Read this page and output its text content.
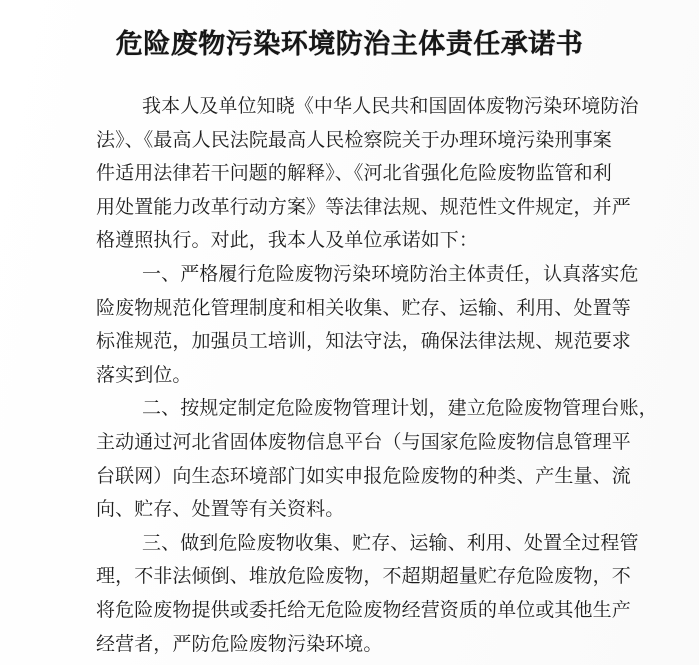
危险废物污染环境防治主体责任承诺书

我本人及单位知晓《中华人民共和国固体废物污染环境防治
法》、《最高人民法院最高人民检察院关于办理环境污染刑事案
件适用法律若干问题的解释》、《河北省强化危险废物监管和利
用处置能力改革行动方案》等法律法规、规范性文件规定，并严
格遵照执行。对此，我本人及单位承诺如下：

一、严格履行危险废物污染环境防治主体责任，认真落实危
险废物规范化管理制度和相关收集、贮存、运输、利用、处置等
标准规范，加强员工培训，知法守法，确保法律法规、规范要求
落实到位。

二、按规定制定危险废物管理计划，建立危险废物管理台账，
主动通过河北省固体废物信息平台（与国家危险废物信息管理平
台联网）向生态环境部门如实申报危险废物的种类、产生量、流
向、贮存、处置等有关资料。

三、做到危险废物收集、贮存、运输、利用、处置全过程管
理，不非法倾倒、堆放危险废物，不超期超量贮存危险废物，不
将危险废物提供或委托给无危险废物经营资质的单位或其他生产
经营者，严防危险废物污染环境。
